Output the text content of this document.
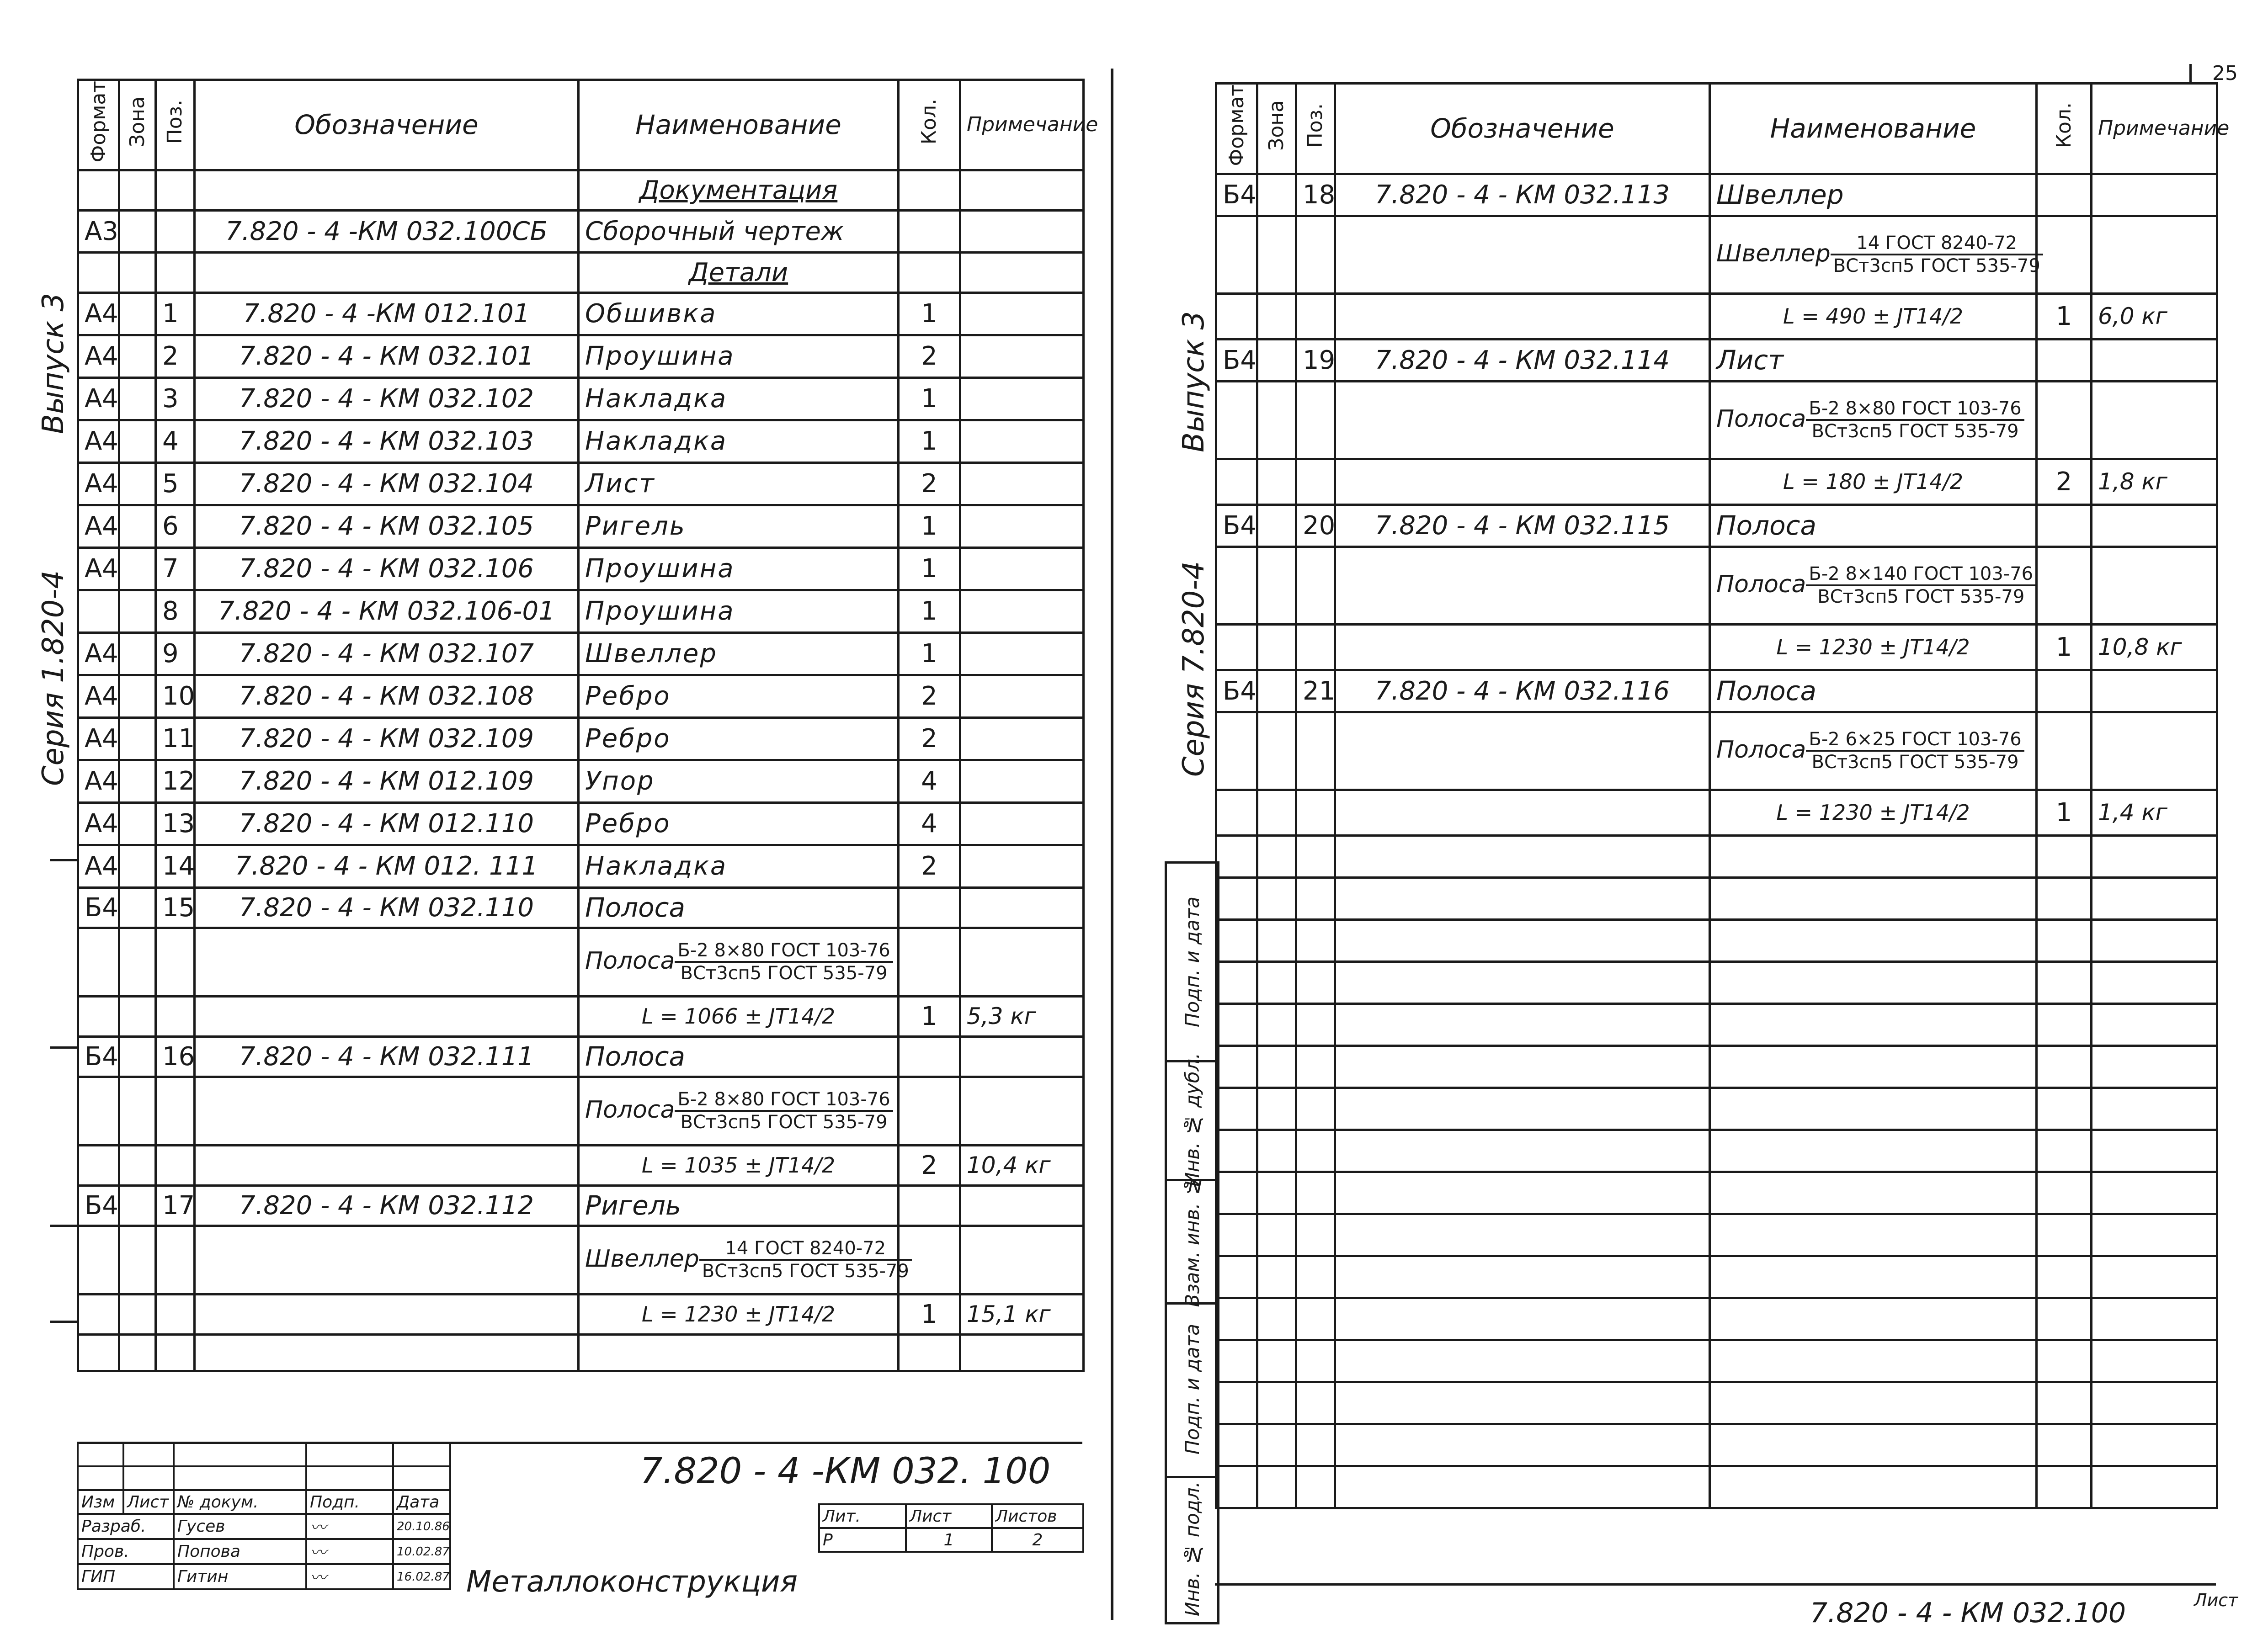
Серия 1.820-4
Выпуск 3
Формат	Зона	Поз.	Обозначение	Наименование	Кол.	Примечание
				Документация		
А3			7.820 - 4 -КМ 032.100СБ	Сборочный чертеж		
				Детали		
А4		1	7.820 - 4 -КМ 012.101	Обшивка	1	
А4		2	7.820 - 4 - КМ 032.101	Проушина	2	
А4		3	7.820 - 4 - КМ 032.102	Накладка	1	
А4		4	7.820 - 4 - КМ 032.103	Накладка	1	
А4		5	7.820 - 4 - КМ 032.104	Лист	2	
А4		6	7.820 - 4 - КМ 032.105	Ригель	1	
А4		7	7.820 - 4 - КМ 032.106	Проушина	1	
		8	7.820 - 4 - КМ 032.106-01	Проушина	1	
А4		9	7.820 - 4 - КМ 032.107	Швеллер	1	
А4		10	7.820 - 4 - КМ 032.108	Ребро	2	
А4		11	7.820 - 4 - КМ 032.109	Ребро	2	
А4		12	7.820 - 4 - КМ 012.109	Упор	4	
А4		13	7.820 - 4 - КМ 012.110	Ребро	4	
А4		14	7.820 - 4 - КМ 012. 111	Накладка	2	
Б4		15	7.820 - 4 - КМ 032.110	Полоса		
				Полоса $\frac{\text{Б-2 8×80 ГОСТ 103-76}}{\text{ВСт3сп5 ГОСТ 535-79}}$

				L = 1066 ± JT14/2	1	5,3 кг
Б4		16	7.820 - 4 - КМ 032.111	Полоса		
				Полоса $\frac{\text{Б-2 8×80 ГОСТ 103-76}}{\text{ВСт3сп5 ГОСТ 535-79}}$

				L = 1035 ± JT14/2	2	10,4 кг
Б4		17	7.820 - 4 - КМ 032.112	Ригель		
				Швеллер $\frac{\text{14 ГОСТ 8240-72}}{\text{ВСт3сп5 ГОСТ 535-79}}$

				L = 1230 ± JT14/2	1	15,1 кг

Изм	Лист	№ докум.	Подп.	Дата
Разраб.		Гусев	〰	20.10.86
Пров.		Попова	〰	10.02.87
ГИП		Гитин	〰	16.02.87
7.820 - 4 -КМ 032. 100
Металлоконструкция
Лит.	Лист	Листов
Р	1	2
25
Выпуск 3
Серия 7.820-4
Подп. и дата
Инв. № дубл.
Взам. инв. №
Подп. и дата
Инв. № подл.
Формат	Зона	Поз.	Обозначение	Наименование	Кол.	Примечание
Б4		18	7.820 - 4 - КМ 032.113	Швеллер		
				Швеллер $\frac{\text{14 ГОСТ 8240-72}}{\text{ВСт3сп5 ГОСТ 535-79}}$

				L = 490 ± JT14/2	1	6,0 кг
Б4		19	7.820 - 4 - КМ 032.114	Лист		
				Полоса $\frac{\text{Б-2 8×80 ГОСТ 103-76}}{\text{ВСт3сп5 ГОСТ 535-79}}$

				L = 180 ± JT14/2	2	1,8 кг
Б4		20	7.820 - 4 - КМ 032.115	Полоса		
				Полоса $\frac{\text{Б-2 8×140 ГОСТ 103-76}}{\text{ВСт3сп5 ГОСТ 535-79}}$

				L = 1230 ± JT14/2	1	10,8 кг
Б4		21	7.820 - 4 - КМ 032.116	Полоса		
				Полоса $\frac{\text{Б-2 6×25 ГОСТ 103-76}}{\text{ВСт3сп5 ГОСТ 535-79}}$

				L = 1230 ± JT14/2	1	1,4 кг

7.820 - 4 - КМ 032.100	Лист
